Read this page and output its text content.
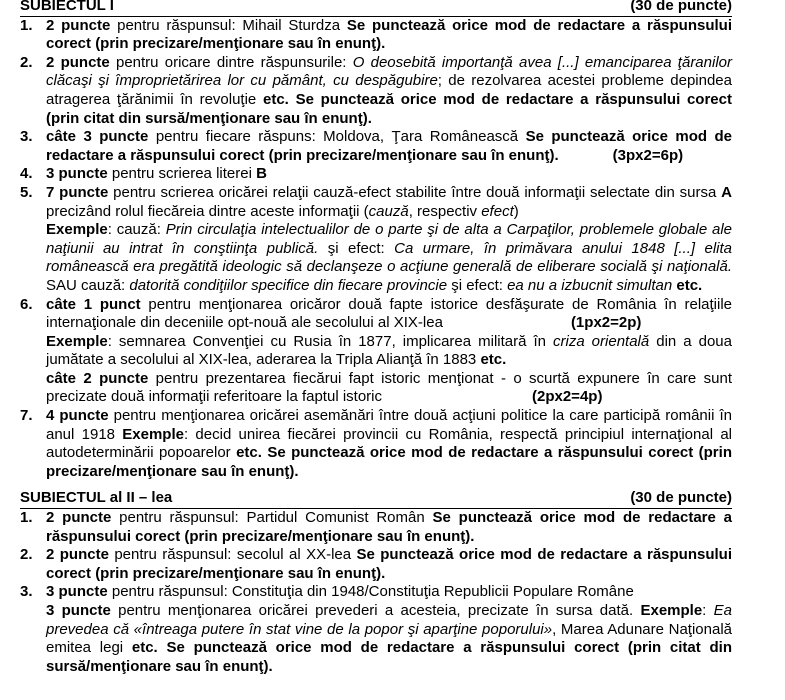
SUBIECTUL I	(30 de puncte)
1. 2 puncte pentru răspunsul: Mihail Sturdza Se punctează orice mod de redactare a răspunsului corect (prin precizare/menţionare sau în enunţ).

2. 2 puncte pentru oricare dintre răspunsurile: O deosebită importanţă avea [...] emanciparea ţăranilor clăcaşi şi împroprietărirea lor cu pământ, cu despăgubire; de rezolvarea acestei probleme depindea atragerea ţărănimii în revoluţie etc. Se punctează orice mod de redactare a răspunsului corect (prin citat din sursă/menţionare sau în enunţ).

3. câte 3 puncte pentru fiecare răspuns: Moldova, Ţara Românească Se punctează orice mod de redactare a răspunsului corect (prin precizare/menţionare sau în enunţ).	(3px2=6p)

4. 3 puncte pentru scrierea literei B

5. 7 puncte pentru scrierea oricărei relaţii cauză-efect stabilite între două informaţii selectate din sursa A precizând rolul fiecăreia dintre aceste informaţii (cauză, respectiv efect)

Exemple: cauză: Prin circulaţia intelectualilor de o parte şi de alta a Carpaţilor, problemele globale ale naţiunii au intrat în conştiinţa publică. şi efect: Ca urmare, în primăvara anului 1848 [...] elita românească era pregătită ideologic să declanşeze o acţiune generală de eliberare socială şi naţională. SAU cauză: datorită condiţiilor specifice din fiecare provincie şi efect: ea nu a izbucnit simultan etc.

6. câte 1 punct pentru menţionarea oricăror două fapte istorice desfăşurate de România în relaţiile internaţionale din deceniile opt-nouă ale secolului al XIX-lea	(1px2=2p)

Exemple: semnarea Convenţiei cu Rusia în 1877, implicarea militară în criza orientală din a doua jumătate a secolului al XIX-lea, aderarea la Tripla Alianţă în 1883 etc.

câte 2 puncte pentru prezentarea fiecărui fapt istoric menţionat - o scurtă expunere în care sunt precizate două informaţii referitoare la faptul istoric	(2px2=4p)

7. 4 puncte pentru menţionarea oricărei asemănări între două acţiuni politice la care participă românii în anul 1918 Exemple: decid unirea fiecărei provincii cu România, respectă principiul internaţional al autodeterminării popoarelor etc. Se punctează orice mod de redactare a răspunsului corect (prin precizare/menţionare sau în enunţ).

SUBIECTUL al II – lea	(30 de puncte)
1. 2 puncte pentru răspunsul: Partidul Comunist Român Se punctează orice mod de redactare a răspunsului corect (prin precizare/menţionare sau în enunţ).

2. 2 puncte pentru răspunsul: secolul al XX-lea Se punctează orice mod de redactare a răspunsului corect (prin precizare/menţionare sau în enunţ).

3. 3 puncte pentru răspunsul: Constituţia din 1948/Constituţia Republicii Populare Române

3 puncte pentru menţionarea oricărei prevederi a acesteia, precizate în sursa dată. Exemple: Ea prevedea că «întreaga putere în stat vine de la popor şi aparţine poporului», Marea Adunare Naţională emitea legi etc. Se punctează orice mod de redactare a răspunsului corect (prin citat din sursă/menţionare sau în enunţ).
